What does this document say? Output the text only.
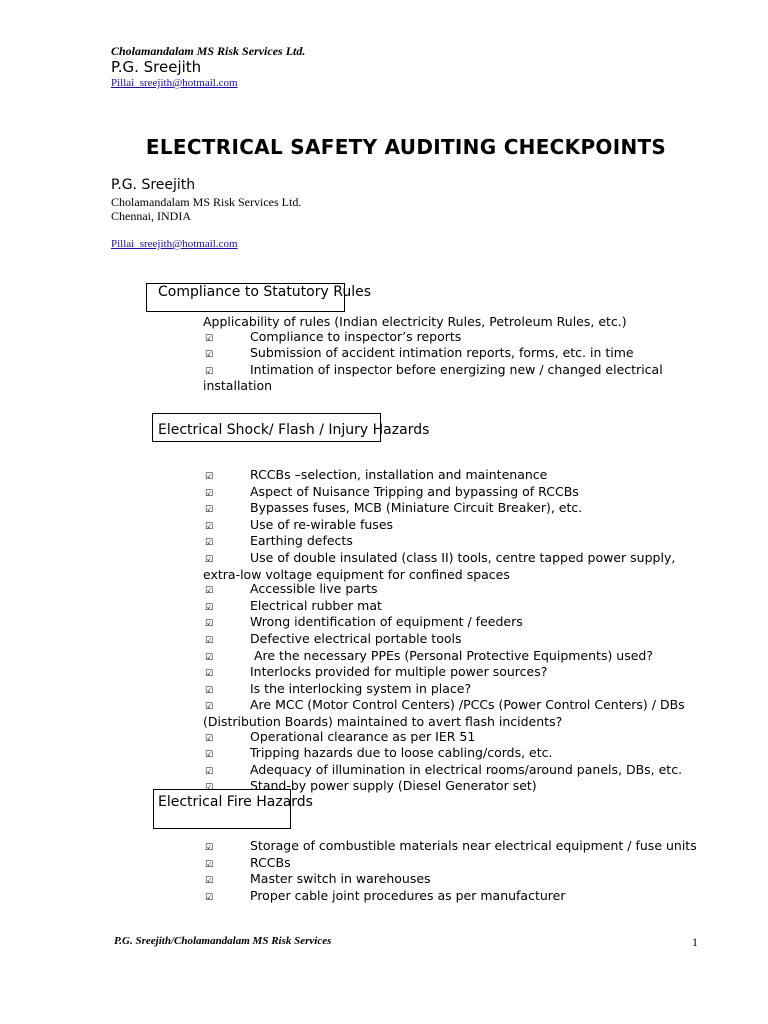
Cholamandalam MS Risk Services Ltd.
P.G. Sreejith
Pillai_sreejith@hotmail.com
ELECTRICAL SAFETY AUDITING CHECKPOINTS
P.G. Sreejith
Cholamandalam MS Risk Services Ltd.
Chennai, INDIA
Pillai_sreejith@hotmail.com
Compliance to Statutory Rules
Applicability of rules (Indian electricity Rules, Petroleum Rules, etc.)
☑	Compliance to inspector’s reports
☑	Submission of accident intimation reports, forms, etc. in time
☑	Intimation of inspector before energizing new / changed electrical
installation
Electrical Shock/ Flash / Injury Hazards
☑	RCCBs –selection, installation and maintenance
☑	Aspect of Nuisance Tripping and bypassing of RCCBs
☑	Bypasses fuses, MCB (Miniature Circuit Breaker), etc.
☑	Use of re-wirable fuses
☑	Earthing defects
☑	Use of double insulated (class II) tools, centre tapped power supply,
extra-low voltage equipment for confined spaces
☑	Accessible live parts
☑	Electrical rubber mat
☑	Wrong identification of equipment / feeders
☑	Defective electrical portable tools
☑	Are the necessary PPEs (Personal Protective Equipments) used?
☑	Interlocks provided for multiple power sources?
☑	Is the interlocking system in place?
☑	Are MCC (Motor Control Centers) /PCCs (Power Control Centers) / DBs
(Distribution Boards) maintained to avert flash incidents?
☑	Operational clearance as per IER 51
☑	Tripping hazards due to loose cabling/cords, etc.
☑	Adequacy of illumination in electrical rooms/around panels, DBs, etc.
☑	Stand-by power supply (Diesel Generator set)
Electrical Fire Hazards
☑	Storage of combustible materials near electrical equipment / fuse units
☑	RCCBs
☑	Master switch in warehouses
☑	Proper cable joint procedures as per manufacturer
P.G. Sreejith/Cholamandalam MS Risk Services	1
